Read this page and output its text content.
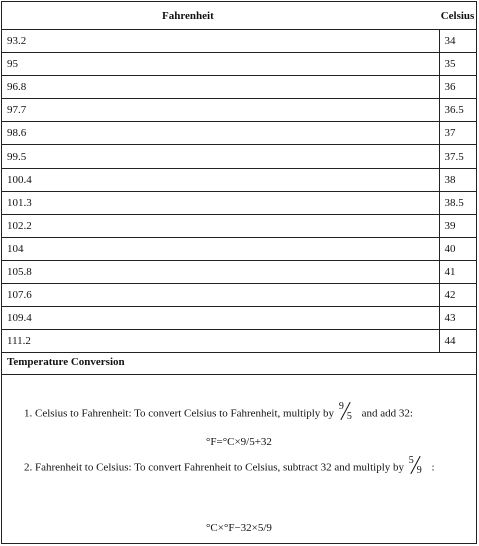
Fahrenheit	Celsius
93.2	34
95	35
96.8	36
97.7	36.5
98.6	37
99.5	37.5
100.4	38
101.3	38.5
102.2	39
104	40
105.8	41
107.6	42
109.4	43
111.2	44
Temperature Conversion
1. Celsius to Fahrenheit: To convert Celsius to Fahrenheit, multiply by
9
5 and add 32:
°F=°C×9/5+32
2. Fahrenheit to Celsius: To convert Fahrenheit to Celsius, subtract 32 and multiply by
5
9 :
°C×°F−32×5/9
